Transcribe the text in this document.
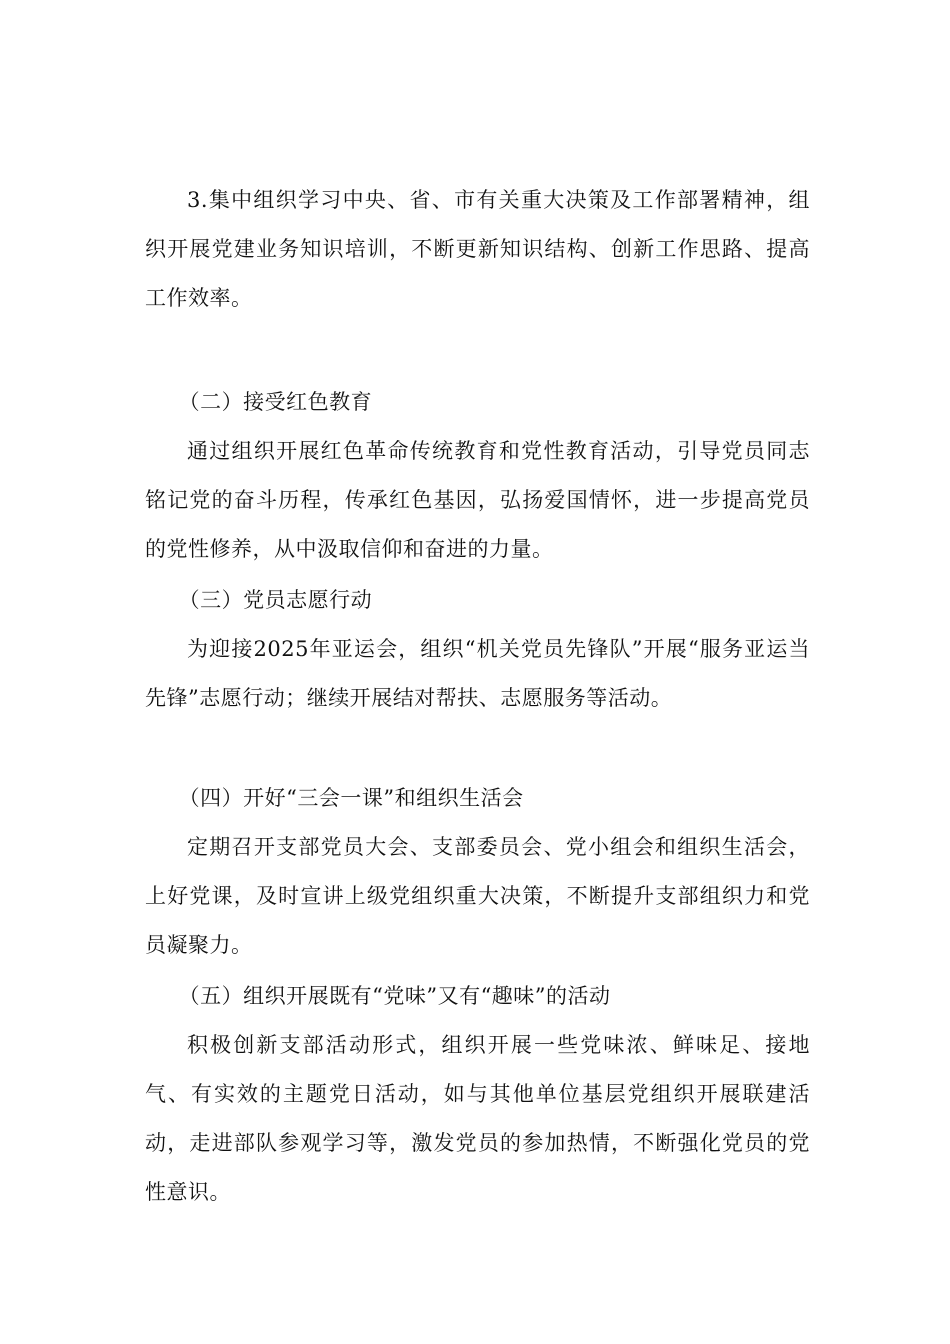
3.集中组织学习中央、省、市有关重大决策及工作部署精神，组织开展党建业务知识培训，不断更新知识结构、创新工作思路、提高工作效率。

（二）接受红色教育

通过组织开展红色革命传统教育和党性教育活动，引导党员同志铭记党的奋斗历程，传承红色基因，弘扬爱国情怀，进一步提高党员的党性修养，从中汲取信仰和奋进的力量。

（三）党员志愿行动

为迎接2025年亚运会，组织“机关党员先锋队”开展“服务亚运当先锋”志愿行动；继续开展结对帮扶、志愿服务等活动。

（四）开好“三会一课”和组织生活会

定期召开支部党员大会、支部委员会、党小组会和组织生活会，上好党课，及时宣讲上级党组织重大决策，不断提升支部组织力和党员凝聚力。

（五）组织开展既有“党味”又有“趣味”的活动

积极创新支部活动形式，组织开展一些党味浓、鲜味足、接地气、有实效的主题党日活动，如与其他单位基层党组织开展联建活动，走进部队参观学习等，激发党员的参加热情，不断强化党员的党性意识。
